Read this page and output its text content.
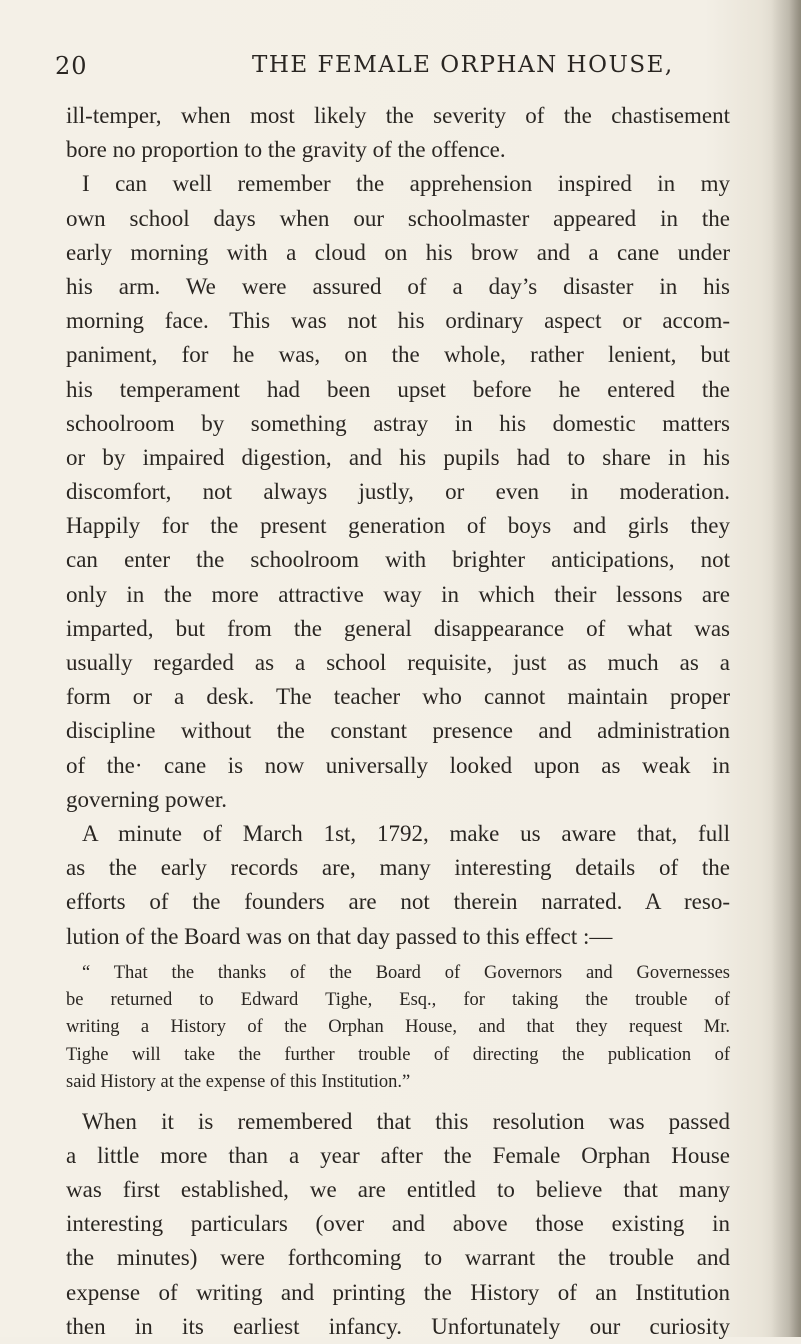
20	THE FEMALE ORPHAN HOUSE,
ill-temper, when most likely the severity of the chastisement
bore no proportion to the gravity of the offence.
I can well remember the apprehension inspired in my
own school days when our schoolmaster appeared in the
early morning with a cloud on his brow and a cane under
his arm. We were assured of a day’s disaster in his
morning face. This was not his ordinary aspect or accom-
paniment, for he was, on the whole, rather lenient, but
his temperament had been upset before he entered the
schoolroom by something astray in his domestic matters
or by impaired digestion, and his pupils had to share in his
discomfort, not always justly, or even in moderation.
Happily for the present generation of boys and girls they
can enter the schoolroom with brighter anticipations, not
only in the more attractive way in which their lessons are
imparted, but from the general disappearance of what was
usually regarded as a school requisite, just as much as a
form or a desk. The teacher who cannot maintain proper
discipline without the constant presence and administration
of the· cane is now universally looked upon as weak in
governing power.
A minute of March 1st, 1792, make us aware that, full
as the early records are, many interesting details of the
efforts of the founders are not therein narrated. A reso-
lution of the Board was on that day passed to this effect :—
“ That the thanks of the Board of Governors and Governesses
be returned to Edward Tighe, Esq., for taking the trouble of
writing a History of the Orphan House, and that they request Mr.
Tighe will take the further trouble of directing the publication of
said History at the expense of this Institution.”
When it is remembered that this resolution was passed
a little more than a year after the Female Orphan House
was first established, we are entitled to believe that many
interesting particulars (over and above those existing in
the minutes) were forthcoming to warrant the trouble and
expense of writing and printing the History of an Institution
then in its earliest infancy. Unfortunately our curiosity
